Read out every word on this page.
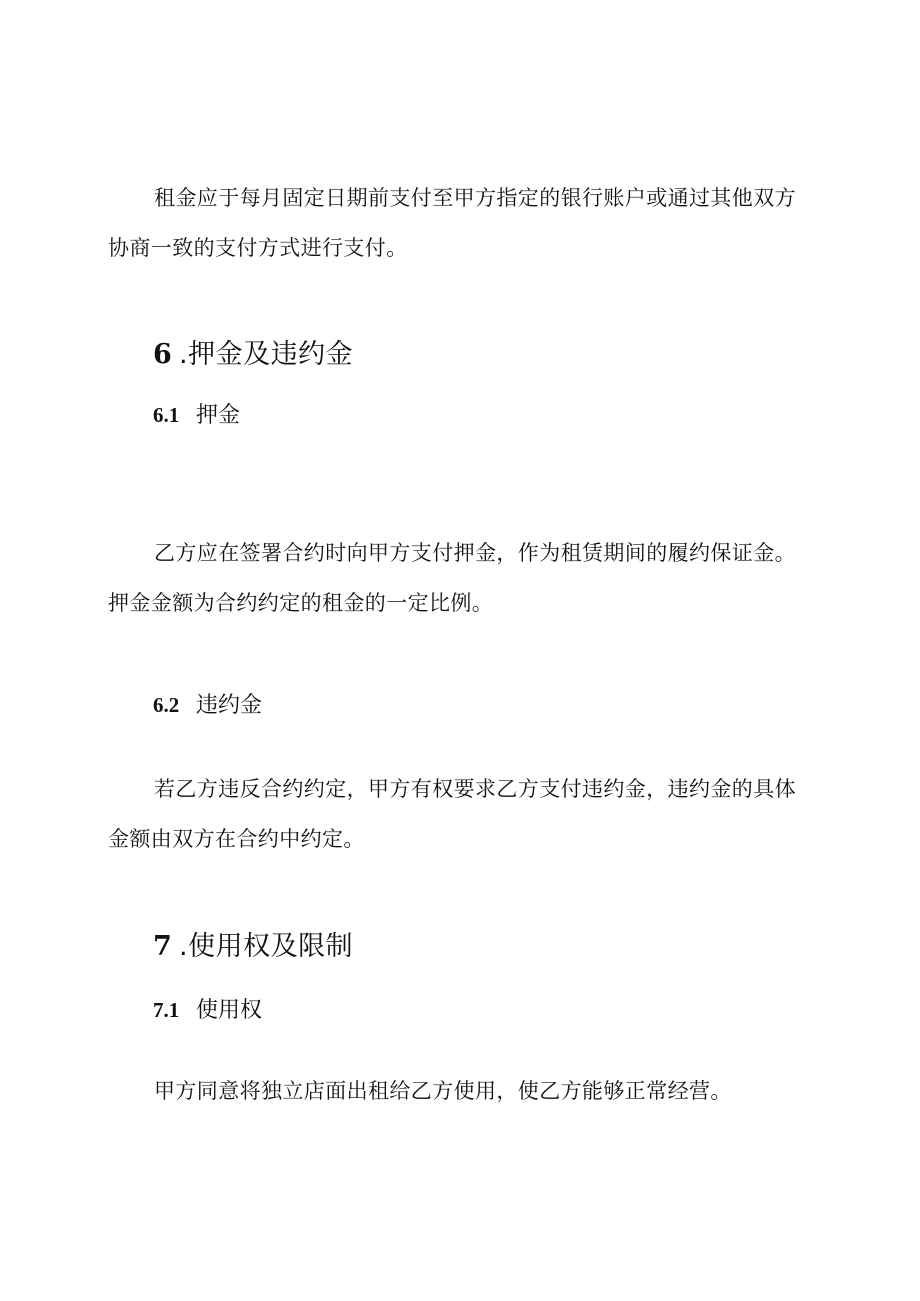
租金应于每月固定日期前支付至甲方指定的银行账户或通过其他双方协商一致的支付方式进行支付。

6 .押金及违约金
6.1 押金

乙方应在签署合约时向甲方支付押金，作为租赁期间的履约保证金。押金金额为合约约定的租金的一定比例。

6.2 违约金

若乙方违反合约约定，甲方有权要求乙方支付违约金，违约金的具体金额由双方在合约中约定。

7 .使用权及限制
7.1 使用权

甲方同意将独立店面出租给乙方使用，使乙方能够正常经营。
